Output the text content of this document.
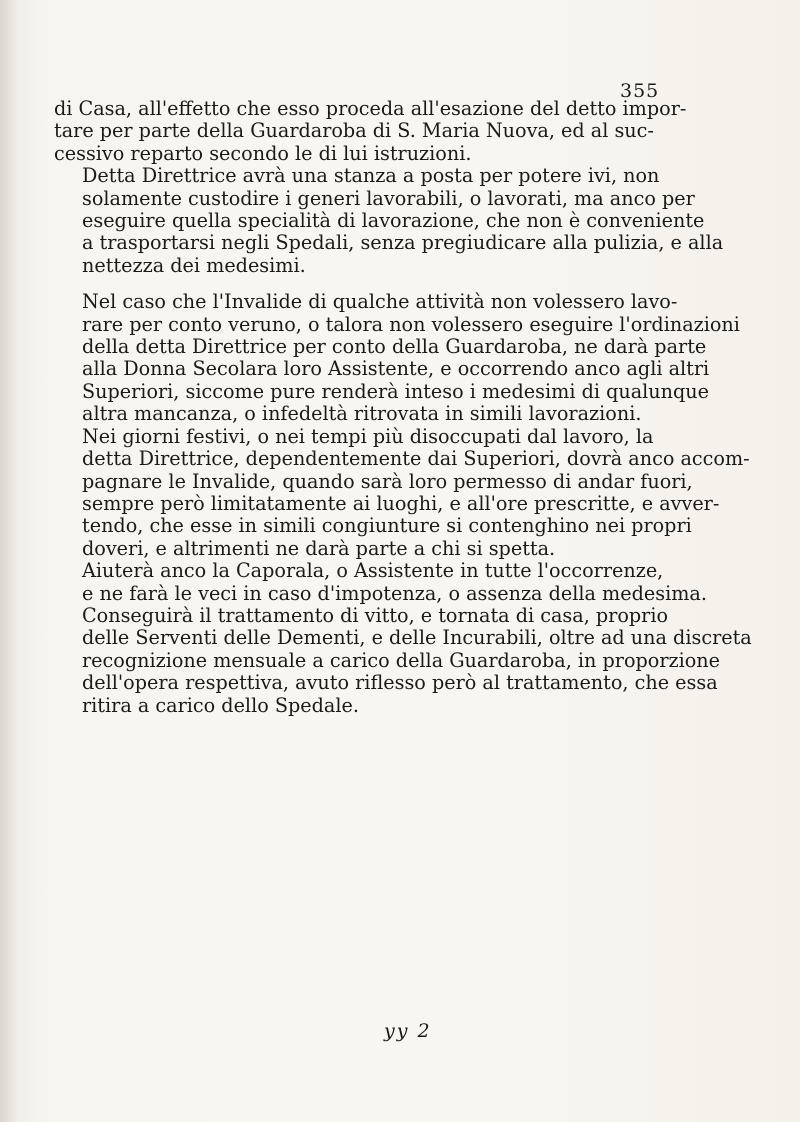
355
di Casa, all'effetto che esso proceda all'esazione del detto impor-
tare per parte della Guardaroba di S. Maria Nuova, ed al suc-
cessivo reparto secondo le di lui istruzioni.
Detta Direttrice avrà una stanza a posta per potere ivi, non
solamente custodire i generi lavorabili, o lavorati, ma anco per
eseguire quella specialità di lavorazione, che non è conveniente
a trasportarsi negli Spedali, senza pregiudicare alla pulizia, e alla
nettezza dei medesimi.
Nel caso che l'Invalide di qualche attività non volessero lavo-
rare per conto veruno, o talora non volessero eseguire l'ordinazioni
della detta Direttrice per conto della Guardaroba, ne darà parte
alla Donna Secolara loro Assistente, e occorrendo anco agli altri
Superiori, siccome pure renderà inteso i medesimi di qualunque
altra mancanza, o infedeltà ritrovata in simili lavorazioni.
Nei giorni festivi, o nei tempi più disoccupati dal lavoro, la
detta Direttrice, dependentemente dai Superiori, dovrà anco accom-
pagnare le Invalide, quando sarà loro permesso di andar fuori,
sempre però limitatamente ai luoghi, e all'ore prescritte, e avver-
tendo, che esse in simili congiunture si contenghino nei propri
doveri, e altrimenti ne darà parte a chi si spetta.
Aiuterà anco la Caporala, o Assistente in tutte l'occorrenze,
e ne farà le veci in caso d'impotenza, o assenza della medesima.
Conseguirà il trattamento di vitto, e tornata di casa, proprio
delle Serventi delle Dementi, e delle Incurabili, oltre ad una discreta
recognizione mensuale a carico della Guardaroba, in proporzione
dell'opera respettiva, avuto riflesso però al trattamento, che essa
ritira a carico dello Spedale.
yy 2
